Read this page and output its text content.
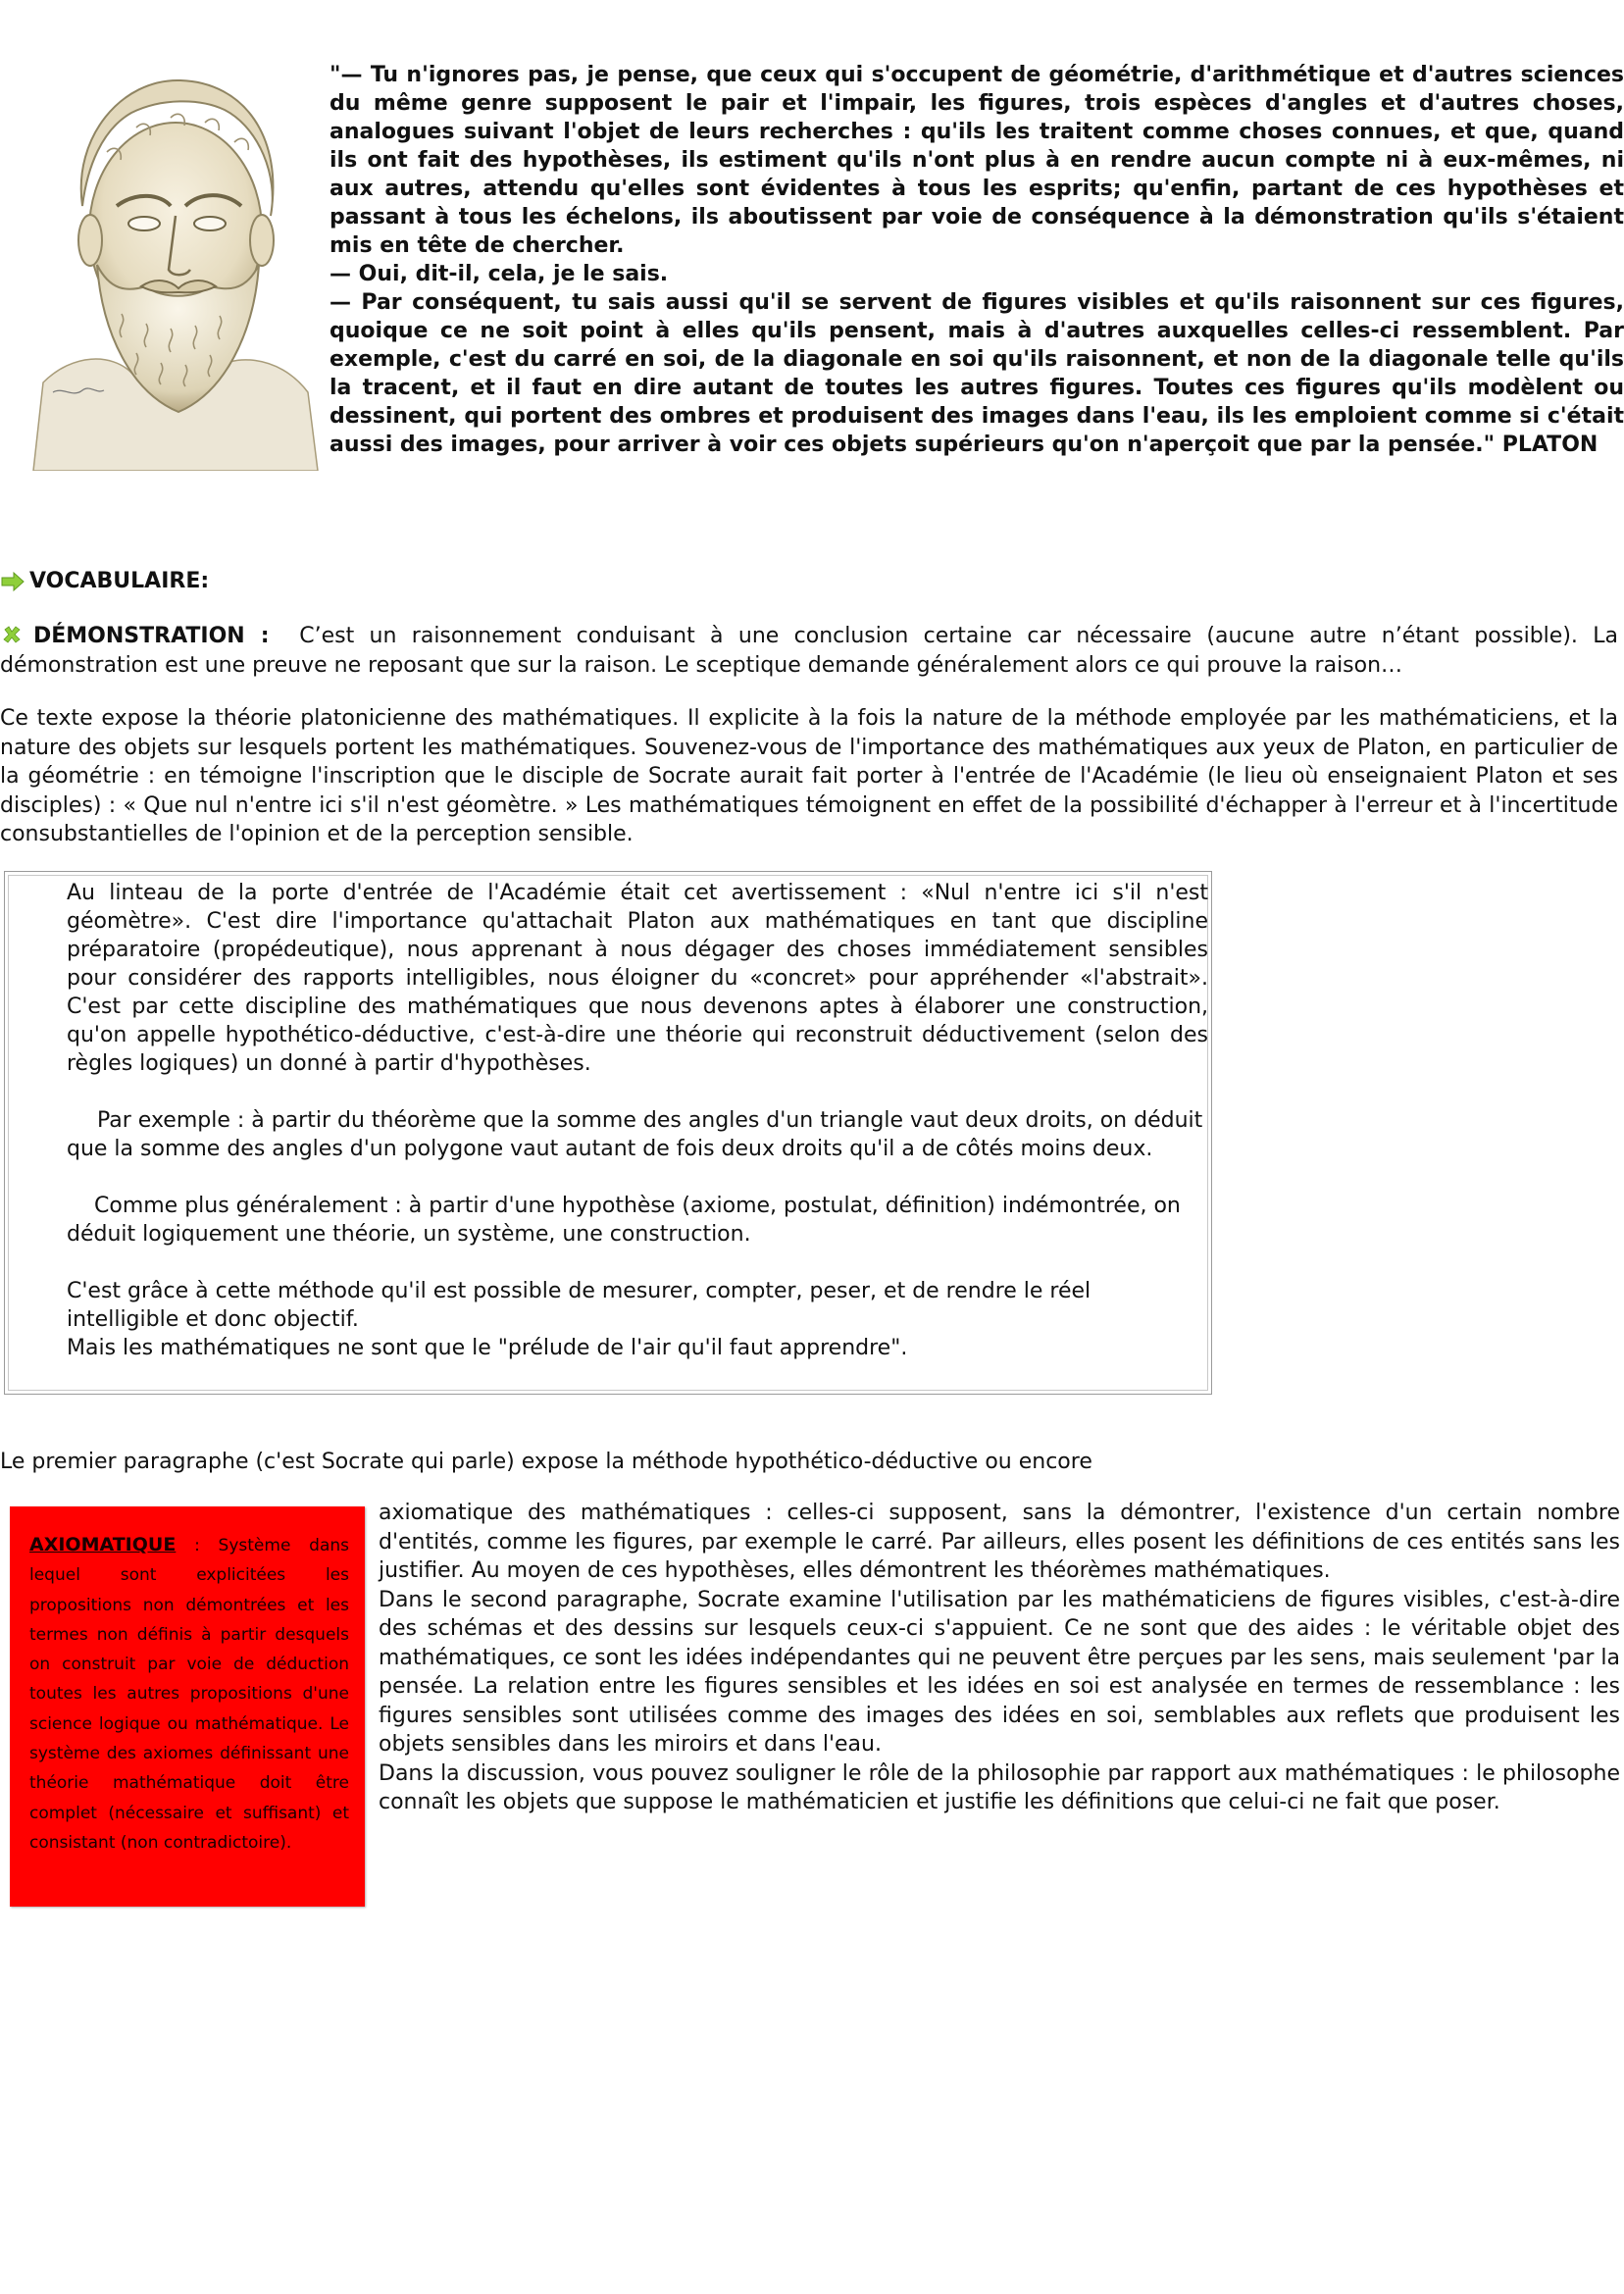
"— Tu n'ignores pas, je pense, que ceux qui s'occupent de géométrie, d'arithmétique et d'autres sciences du même genre supposent le pair et l'impair, les figures, trois espèces d'angles et d'autres choses, analogues suivant l'objet de leurs recherches : qu'ils les traitent comme choses connues, et que, quand ils ont fait des hypothèses, ils estiment qu'ils n'ont plus à en rendre aucun compte ni à eux-mêmes, ni aux autres, attendu qu'elles sont évidentes à tous les esprits; qu'enfin, partant de ces hypothèses et passant à tous les échelons, ils aboutissent par voie de conséquence à la démonstration qu'ils s'étaient mis en tête de chercher.

— Oui, dit-il, cela, je le sais.

— Par conséquent, tu sais aussi qu'il se servent de figures visibles et qu'ils raisonnent sur ces figures, quoique ce ne soit point à elles qu'ils pensent, mais à d'autres auxquelles celles-ci ressemblent. Par exemple, c'est du carré en soi, de la diagonale en soi qu'ils raisonnent, et non de la diagonale telle qu'ils la tracent, et il faut en dire autant de toutes les autres figures. Toutes ces figures qu'ils modèlent ou dessinent, qui portent des ombres et produisent des images dans l'eau, ils les emploient comme si c'était aussi des images, pour arriver à voir ces objets supérieurs qu'on n'aperçoit que par la pensée." PLATON

VOCABULAIRE:

DÉMONSTRATION : C’est un raisonnement conduisant à une conclusion certaine car nécessaire (aucune autre n’étant possible). La démonstration est une preuve ne reposant que sur la raison. Le sceptique demande généralement alors ce qui prouve la raison…

Ce texte expose la théorie platonicienne des mathématiques. Il explicite à la fois la nature de la méthode employée par les mathématiciens, et la nature des objets sur lesquels portent les mathématiques. Souvenez-vous de l'importance des mathématiques aux yeux de Platon, en particulier de la géométrie : en témoigne l'inscription que le disciple de Socrate aurait fait porter à l'entrée de l'Académie (le lieu où enseignaient Platon et ses disciples) : « Que nul n'entre ici s'il n'est géomètre. » Les mathématiques témoignent en effet de la possibilité d'échapper à l'erreur et à l'incertitude consubstantielles de l'opinion et de la perception sensible.

Au linteau de la porte d'entrée de l'Académie était cet avertissement : «Nul n'entre ici s'il n'est géomètre». C'est dire l'importance qu'attachait Platon aux mathématiques en tant que discipline préparatoire (propédeutique), nous apprenant à nous dégager des choses immédiatement sensibles pour considérer des rapports intelligibles, nous éloigner du «concret» pour appréhender «l'abstrait». C'est par cette discipline des mathématiques que nous devenons aptes à élaborer une construction, qu'on appelle hypothético-déductive, c'est-à-dire une théorie qui reconstruit déductivement (selon des règles logiques) un donné à partir d'hypothèses.

Par exemple : à partir du théorème que la somme des angles d'un triangle vaut deux droits, on déduit que la somme des angles d'un polygone vaut autant de fois deux droits qu'il a de côtés moins deux.

Comme plus généralement : à partir d'une hypothèse (axiome, postulat, définition) indémontrée, on déduit logiquement une théorie, un système, une construction.

C'est grâce à cette méthode qu'il est possible de mesurer, compter, peser, et de rendre le réel intelligible et donc objectif.

Mais les mathématiques ne sont que le "prélude de l'air qu'il faut apprendre".

Le premier paragraphe (c'est Socrate qui parle) expose la méthode hypothético-déductive ou encore

AXIOMATIQUE : Système dans lequel sont explicitées les propositions non démontrées et les termes non définis à partir desquels on construit par voie de déduction toutes les autres propositions d'une science logique ou mathématique. Le système des axiomes définissant une théorie mathématique doit être complet (nécessaire et suffisant) et consistant (non contradictoire).

axiomatique des mathématiques : celles-ci supposent, sans la démontrer, l'existence d'un certain nombre d'entités, comme les figures, par exemple le carré. Par ailleurs, elles posent les définitions de ces entités sans les justifier. Au moyen de ces hypothèses, elles démontrent les théorèmes mathématiques.

Dans le second paragraphe, Socrate examine l'utilisation par les mathématiciens de figures visibles, c'est-à-dire des schémas et des dessins sur lesquels ceux-ci s'appuient. Ce ne sont que des aides : le véritable objet des mathématiques, ce sont les idées indépendantes qui ne peuvent être perçues par les sens, mais seulement 'par la pensée. La relation entre les figures sensibles et les idées en soi est analysée en termes de ressemblance : les figures sensibles sont utilisées comme des images des idées en soi, semblables aux reflets que produisent les objets sensibles dans les miroirs et dans l'eau.

Dans la discussion, vous pouvez souligner le rôle de la philosophie par rapport aux mathématiques : le philosophe connaît les objets que suppose le mathématicien et justifie les définitions que celui-ci ne fait que poser.
